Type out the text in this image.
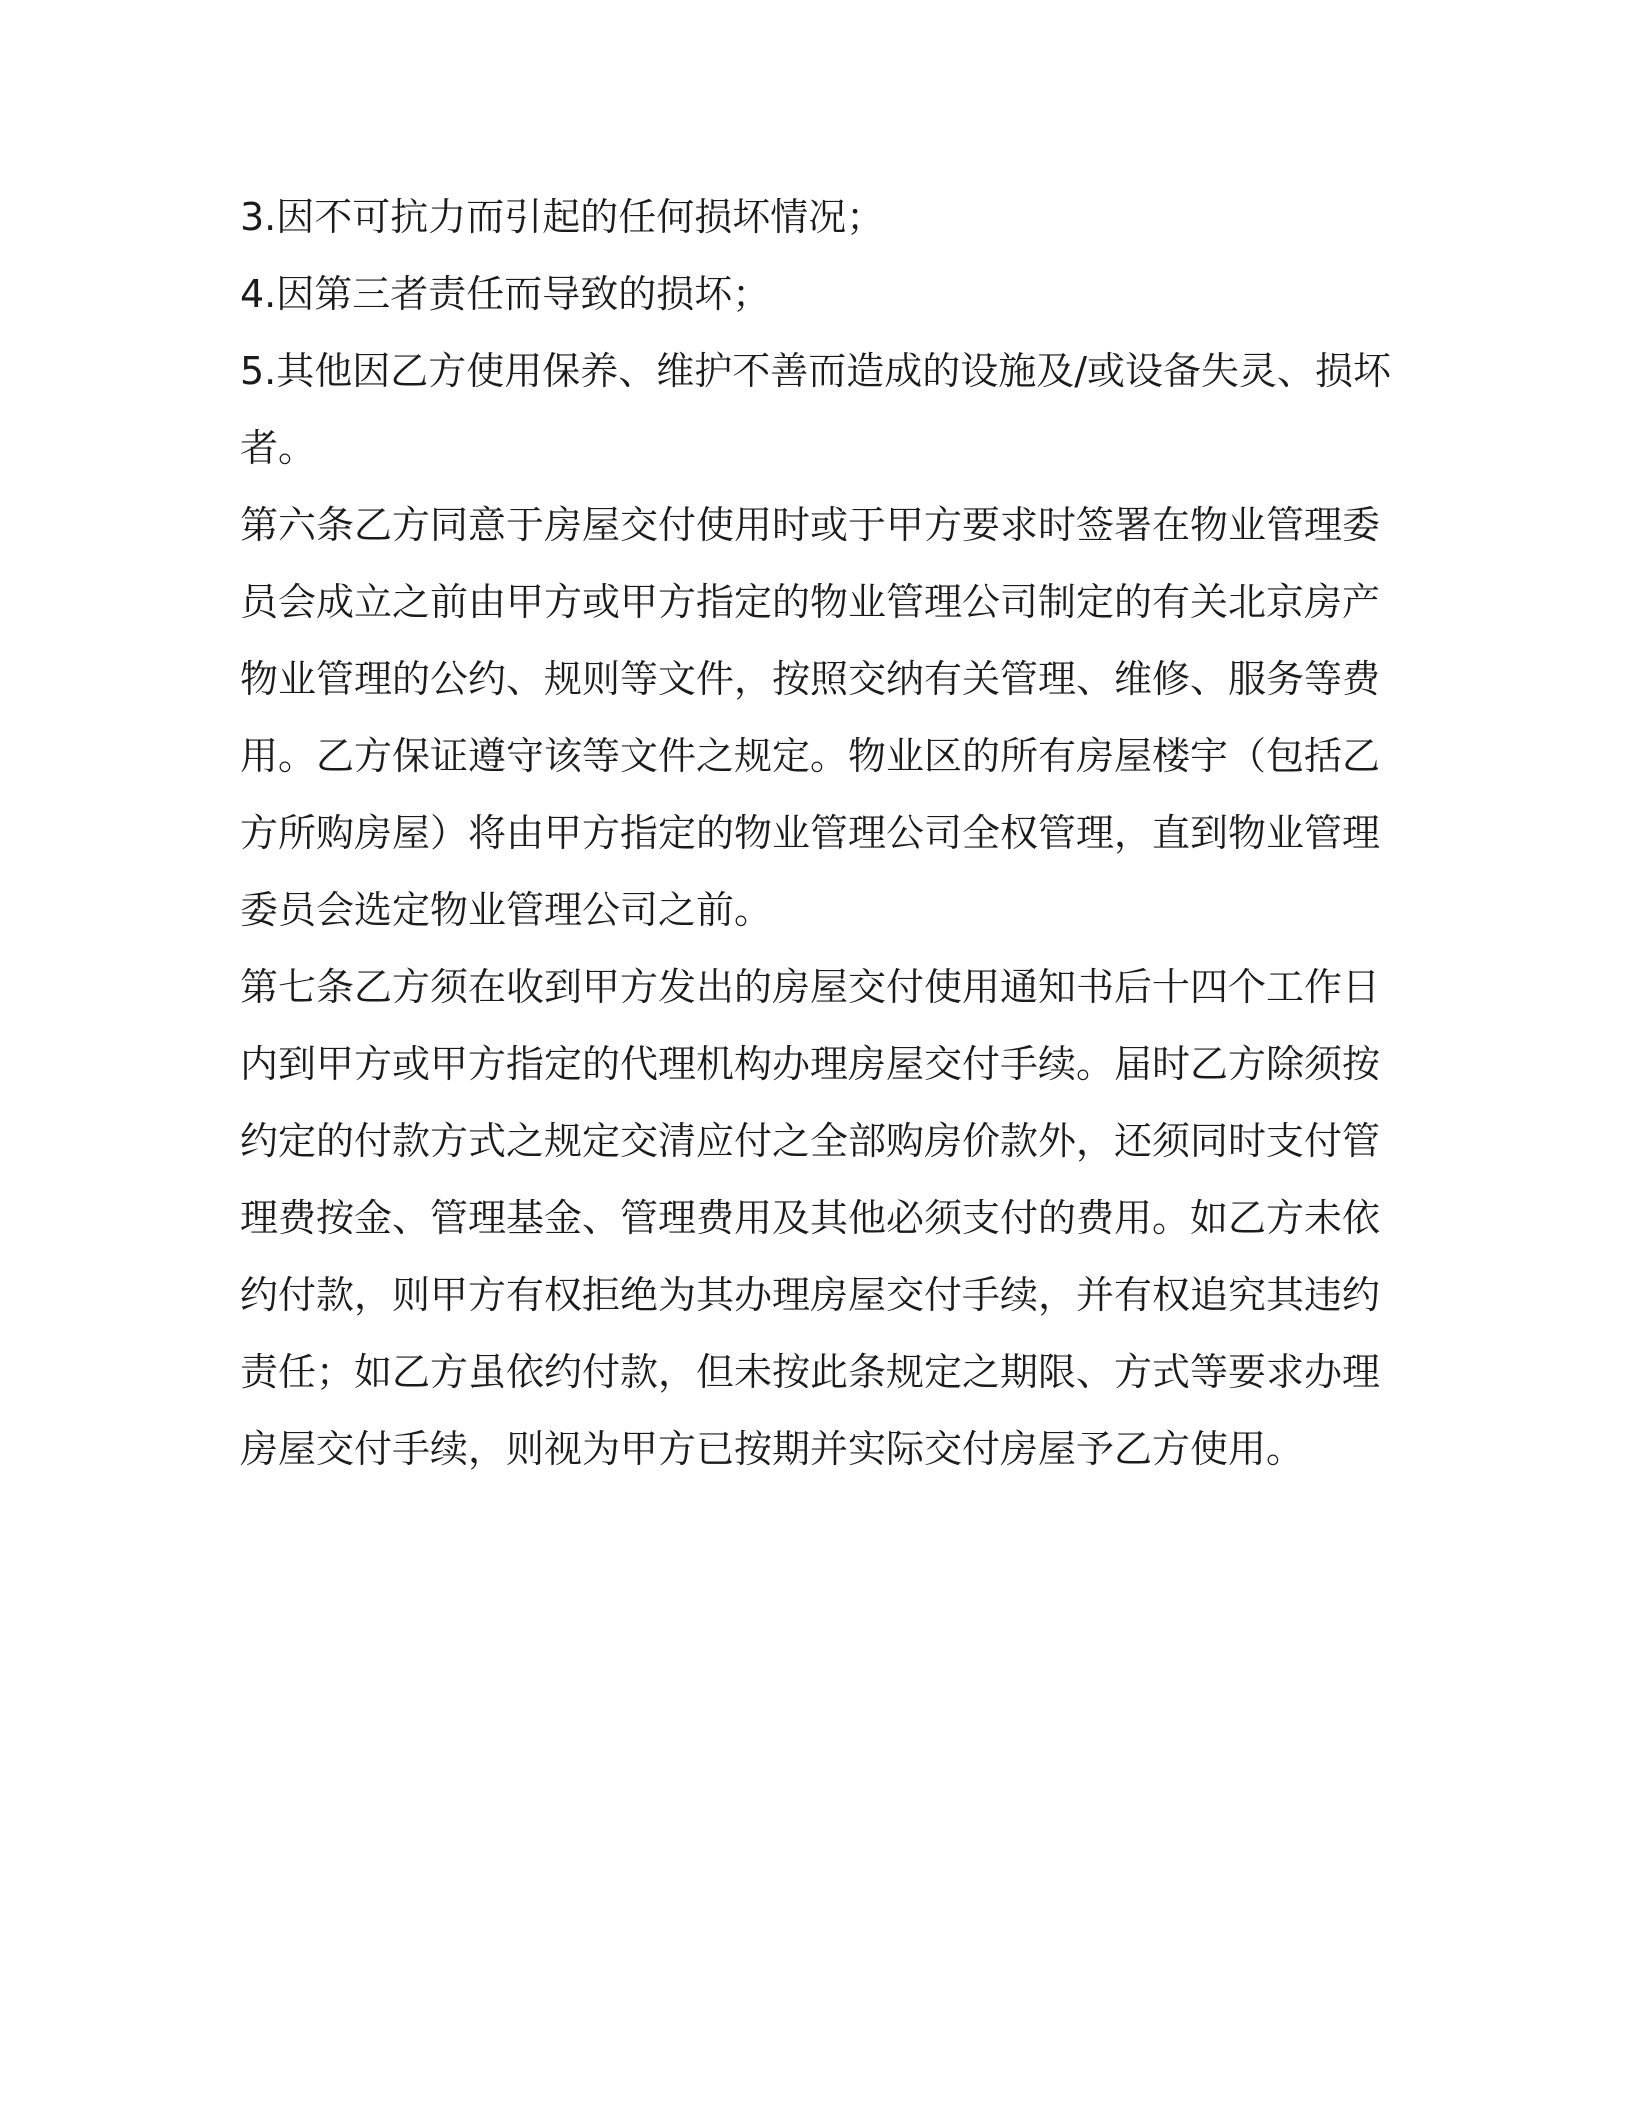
3.因不可抗力而引起的任何损坏情况；
4.因第三者责任而导致的损坏；
5.其他因乙方使用保养、维护不善而造成的设施及/或设备失灵、损坏
者。
第六条乙方同意于房屋交付使用时或于甲方要求时签署在物业管理委
员会成立之前由甲方或甲方指定的物业管理公司制定的有关北京房产
物业管理的公约、规则等文件，按照交纳有关管理、维修、服务等费
用。乙方保证遵守该等文件之规定。物业区的所有房屋楼宇（包括乙
方所购房屋）将由甲方指定的物业管理公司全权管理，直到物业管理
委员会选定物业管理公司之前。
第七条乙方须在收到甲方发出的房屋交付使用通知书后十四个工作日
内到甲方或甲方指定的代理机构办理房屋交付手续。届时乙方除须按
约定的付款方式之规定交清应付之全部购房价款外，还须同时支付管
理费按金、管理基金、管理费用及其他必须支付的费用。如乙方未依
约付款，则甲方有权拒绝为其办理房屋交付手续，并有权追究其违约
责任；如乙方虽依约付款，但未按此条规定之期限、方式等要求办理
房屋交付手续，则视为甲方已按期并实际交付房屋予乙方使用。
